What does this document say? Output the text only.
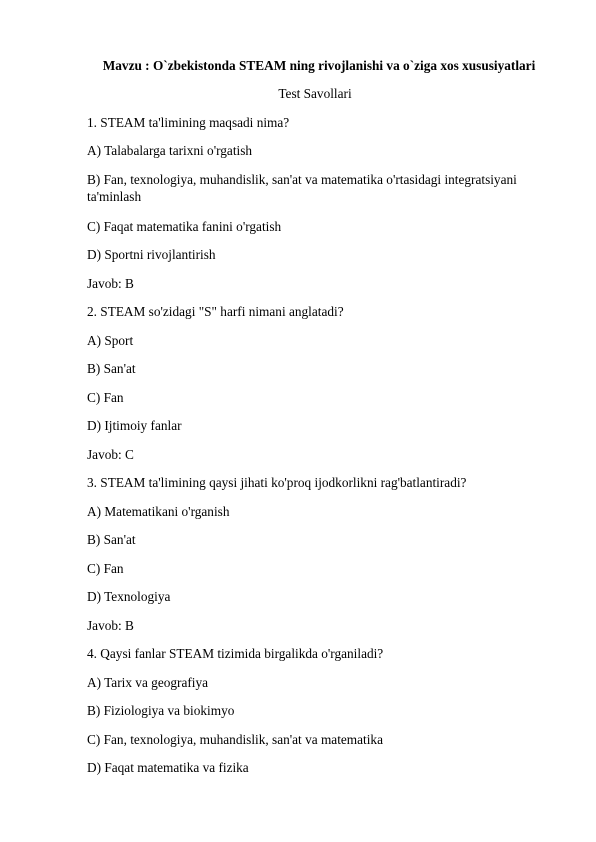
Mavzu : O`zbekistonda STEAM ning rivojlanishi va o`ziga xos xususiyatlari
Test Savollari
1. STEAM ta'limining maqsadi nima?
A) Talabalarga tarixni o'rgatish
B) Fan, texnologiya, muhandislik, san'at va matematika o'rtasidagi integratsiyani ta'minlash
C) Faqat matematika fanini o'rgatish
D) Sportni rivojlantirish
Javob: B
2. STEAM so'zidagi "S" harfi nimani anglatadi?
A) Sport
B) San'at
C) Fan
D) Ijtimoiy fanlar
Javob: C
3. STEAM ta'limining qaysi jihati ko'proq ijodkorlikni rag'batlantiradi?
A) Matematikani o'rganish
B) San'at
C) Fan
D) Texnologiya
Javob: B
4. Qaysi fanlar STEAM tizimida birgalikda o'rganiladi?
A) Tarix va geografiya
B) Fiziologiya va biokimyo
C) Fan, texnologiya, muhandislik, san'at va matematika
D) Faqat matematika va fizika
